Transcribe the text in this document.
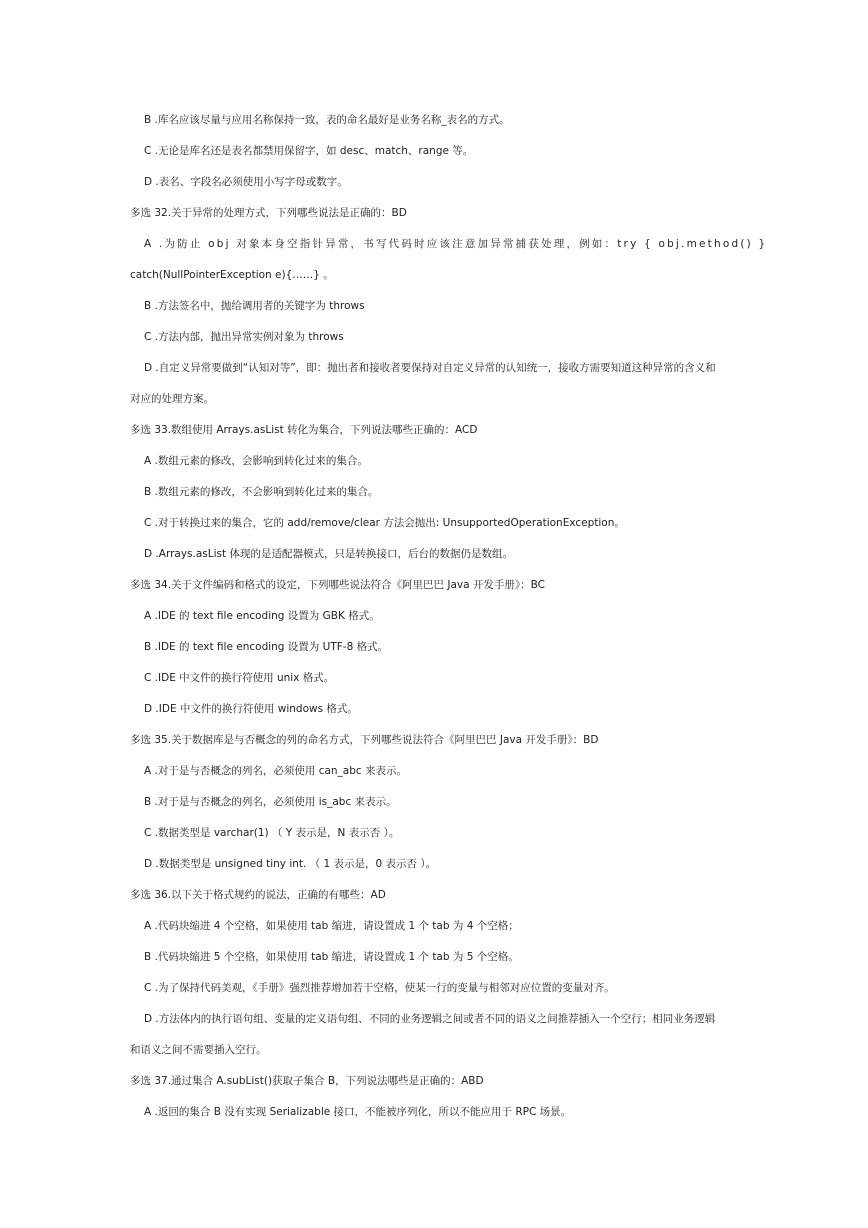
B .库名应该尽量与应用名称保持一致，表的命名最好是业务名称_表名的方式。
C .无论是库名还是表名都禁用保留字，如 desc、match、range 等。
D .表名、字段名必须使用小写字母或数字。
多选 32.关于异常的处理方式，下列哪些说法是正确的：BD
A .为防止 obj 对象本身空指针异常，书写代码时应该注意加异常捕获处理，例如：try { obj.method() }
catch(NullPointerException e){……} 。
B .方法签名中，抛给调用者的关键字为 throws
C .方法内部，抛出异常实例对象为 throws
D .自定义异常要做到“认知对等”，即：抛出者和接收者要保持对自定义异常的认知统一，接收方需要知道这种异常的含义和
对应的处理方案。
多选 33.数组使用 Arrays.asList 转化为集合，下列说法哪些正确的：ACD
A .数组元素的修改，会影响到转化过来的集合。
B .数组元素的修改，不会影响到转化过来的集合。
C .对于转换过来的集合，它的 add/remove/clear 方法会抛出: UnsupportedOperationException。
D .Arrays.asList 体现的是适配器模式，只是转换接口，后台的数据仍是数组。
多选 34.关于文件编码和格式的设定，下列哪些说法符合《阿里巴巴 Java 开发手册》：BC
A .IDE 的 text file encoding 设置为 GBK 格式。
B .IDE 的 text file encoding 设置为 UTF-8 格式。
C .IDE 中文件的换行符使用 unix 格式。
D .IDE 中文件的换行符使用 windows 格式。
多选 35.关于数据库是与否概念的列的命名方式，下列哪些说法符合《阿里巴巴 Java 开发手册》：BD
A .对于是与否概念的列名，必须使用 can_abc 来表示。
B .对于是与否概念的列名，必须使用 is_abc 来表示。
C .数据类型是 varchar(1) （ Y 表示是，N 表示否 ）。
D .数据类型是 unsigned tiny int. （ 1 表示是，0 表示否 ）。
多选 36.以下关于格式规约的说法，正确的有哪些：AD
A .代码块缩进 4 个空格，如果使用 tab 缩进，请设置成 1 个 tab 为 4 个空格；
B .代码块缩进 5 个空格，如果使用 tab 缩进，请设置成 1 个 tab 为 5 个空格。
C .为了保持代码美观，《手册》强烈推荐增加若干空格，使某一行的变量与相邻对应位置的变量对齐。
D .方法体内的执行语句组、变量的定义语句组、不同的业务逻辑之间或者不同的语义之间推荐插入一个空行；相同业务逻辑
和语义之间不需要插入空行。
多选 37.通过集合 A.subList()获取子集合 B，下列说法哪些是正确的：ABD
A .返回的集合 B 没有实现 Serializable 接口，不能被序列化，所以不能应用于 RPC 场景。
